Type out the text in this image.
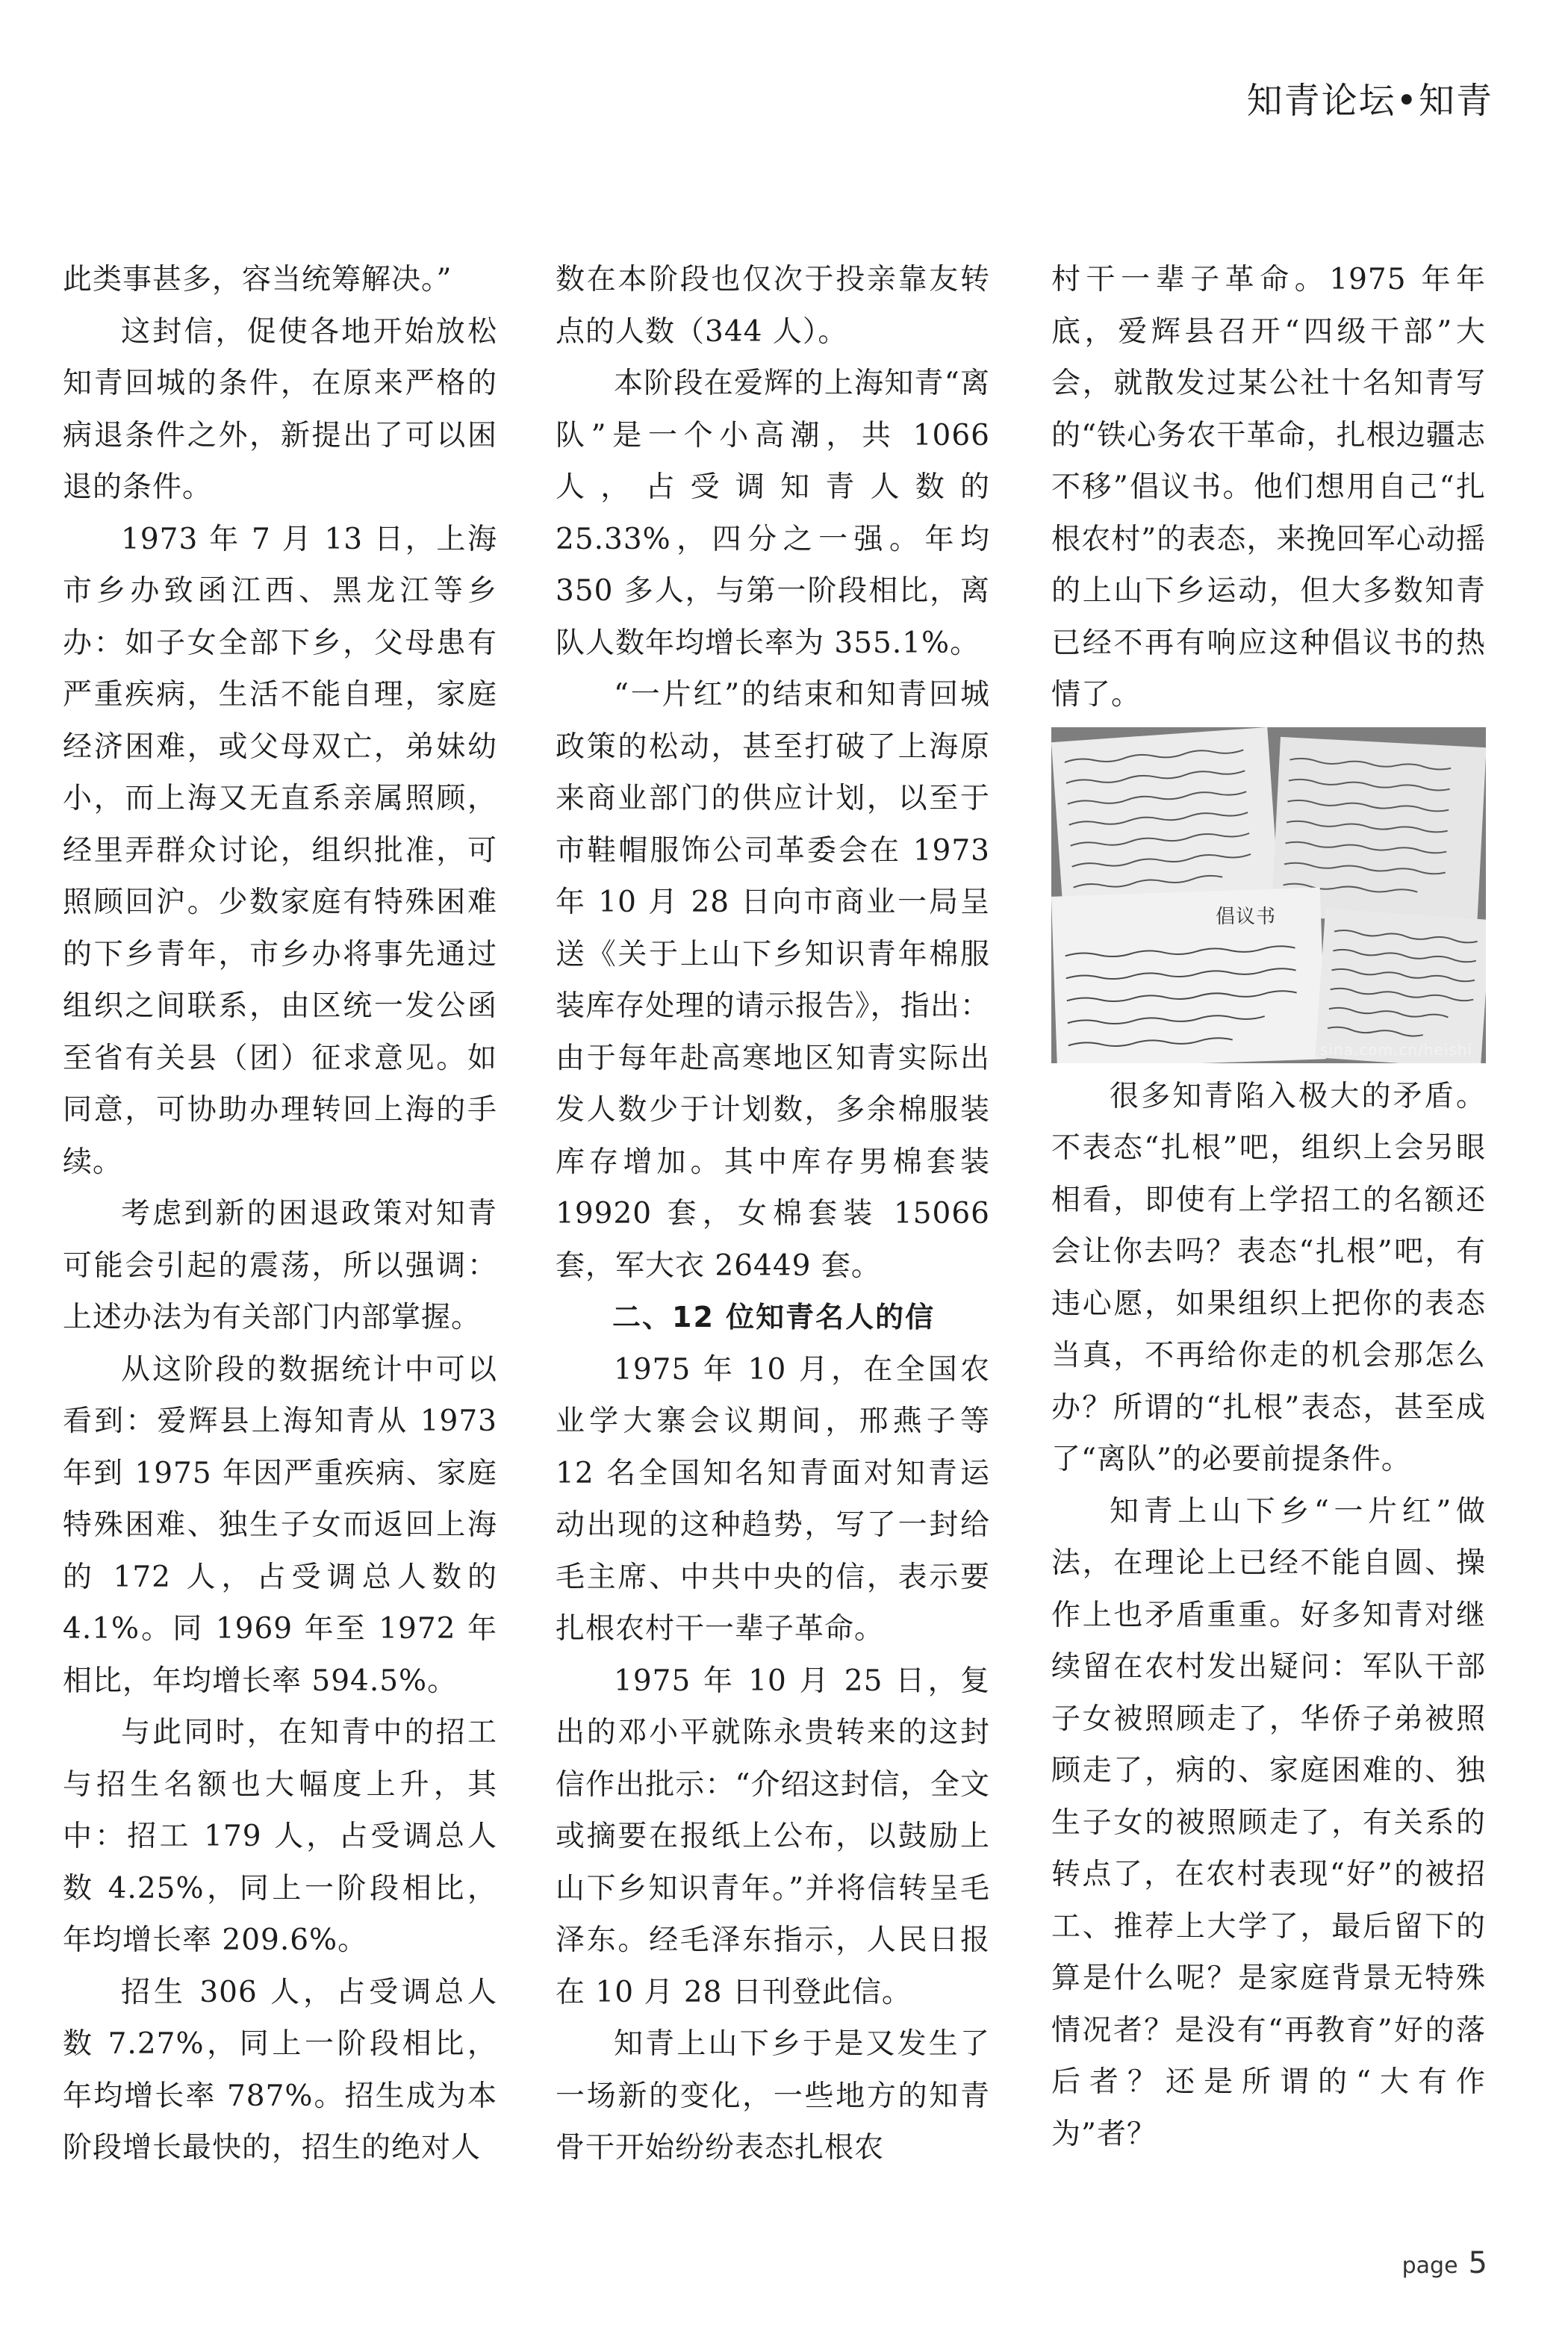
知青论坛•知青

此类事甚多，容当统筹解决。”

这封信，促使各地开始放松知青回城的条件，在原来严格的病退条件之外，新提出了可以困退的条件。

1973 年 7 月 13 日，上海市乡办致函江西、黑龙江等乡办：如子女全部下乡，父母患有严重疾病，生活不能自理，家庭经济困难，或父母双亡，弟妹幼小，而上海又无直系亲属照顾，经里弄群众讨论，组织批准，可照顾回沪。少数家庭有特殊困难的下乡青年，市乡办将事先通过组织之间联系，由区统一发公函至省有关县（团）征求意见。如同意，可协助办理转回上海的手续。

考虑到新的困退政策对知青可能会引起的震荡，所以强调：上述办法为有关部门内部掌握。

从这阶段的数据统计中可以看到：爱辉县上海知青从 1973 年到 1975 年因严重疾病、家庭特殊困难、独生子女而返回上海的 172 人，占受调总人数的 4.1%。同 1969 年至 1972 年相比，年均增长率 594.5%。

与此同时，在知青中的招工与招生名额也大幅度上升，其中：招工 179 人，占受调总人数 4.25%，同上一阶段相比，年均增长率 209.6%。

招生 306 人，占受调总人数 7.27%，同上一阶段相比，年均增长率 787%。招生成为本阶段增长最快的，招生的绝对人

数在本阶段也仅次于投亲靠友转点的人数（344 人）。

本阶段在爱辉的上海知青“离队”是一个小高潮，共 1066 人，占受调知青人数的 25.33%，四分之一强。年均 350 多人，与第一阶段相比，离队人数年均增长率为 355.1%。

“一片红”的结束和知青回城政策的松动，甚至打破了上海原来商业部门的供应计划，以至于市鞋帽服饰公司革委会在 1973 年 10 月 28 日向市商业一局呈送《关于上山下乡知识青年棉服装库存处理的请示报告》，指出：由于每年赴高寒地区知青实际出发人数少于计划数，多余棉服装库存增加。其中库存男棉套装 19920 套，女棉套装 15066 套，军大衣 26449 套。

二、12 位知青名人的信

1975 年 10 月，在全国农业学大寨会议期间，邢燕子等 12 名全国知名知青面对知青运动出现的这种趋势，写了一封给毛主席、中共中央的信，表示要扎根农村干一辈子革命。

1975 年 10 月 25 日，复出的邓小平就陈永贵转来的这封信作出批示：“介绍这封信，全文或摘要在报纸上公布，以鼓励上山下乡知识青年。”并将信转呈毛泽东。经毛泽东指示，人民日报在 10 月 28 日刊登此信。

知青上山下乡于是又发生了一场新的变化，一些地方的知青骨干开始纷纷表态扎根农

村干一辈子革命。1975 年年底，爱辉县召开“四级干部”大会，就散发过某公社十名知青写的“铁心务农干革命，扎根边疆志不移”倡议书。他们想用自己“扎根农村”的表态，来挽回军心动摇的上山下乡运动，但大多数知青已经不再有响应这种倡议书的热情了。

倡议书
http://blog.sina.com.cn/heishi

很多知青陷入极大的矛盾。不表态“扎根”吧，组织上会另眼相看，即使有上学招工的名额还会让你去吗？表态“扎根”吧，有违心愿，如果组织上把你的表态当真，不再给你走的机会那怎么办？所谓的“扎根”表态，甚至成了“离队”的必要前提条件。

知青上山下乡“一片红”做法，在理论上已经不能自圆、操作上也矛盾重重。好多知青对继续留在农村发出疑问：军队干部子女被照顾走了，华侨子弟被照顾走了，病的、家庭困难的、独生子女的被照顾走了，有关系的转点了，在农村表现“好”的被招工、推荐上大学了，最后留下的算是什么呢？是家庭背景无特殊情况者？是没有“再教育”好的落后者？还是所谓的“大有作为”者？

page 5
